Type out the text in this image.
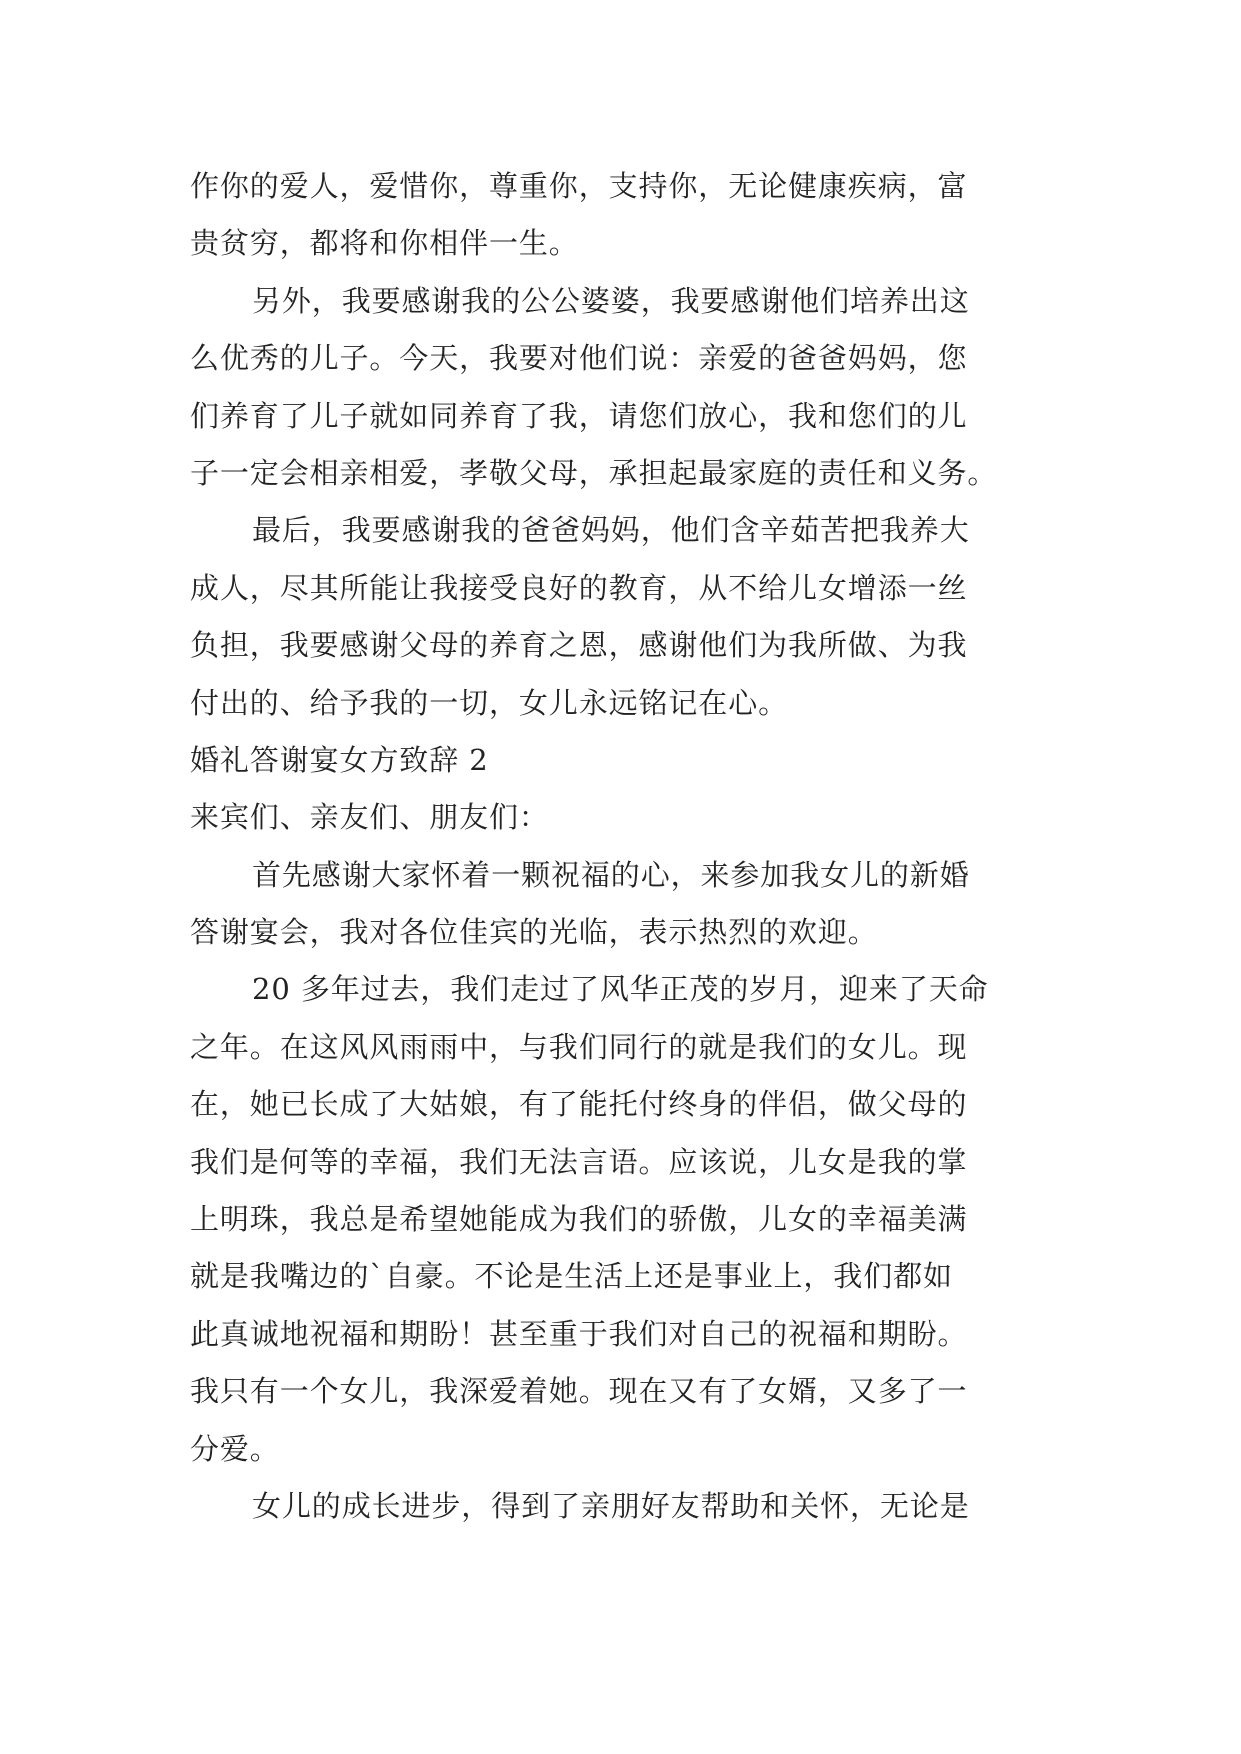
作你的爱人，爱惜你，尊重你，支持你，无论健康疾病，富
贵贫穷，都将和你相伴一生。
另外，我要感谢我的公公婆婆，我要感谢他们培养出这
么优秀的儿子。今天，我要对他们说：亲爱的爸爸妈妈，您
们养育了儿子就如同养育了我，请您们放心，我和您们的儿
子一定会相亲相爱，孝敬父母，承担起最家庭的责任和义务。
最后，我要感谢我的爸爸妈妈，他们含辛茹苦把我养大
成人，尽其所能让我接受良好的教育，从不给儿女增添一丝
负担，我要感谢父母的养育之恩，感谢他们为我所做、为我
付出的、给予我的一切，女儿永远铭记在心。
婚礼答谢宴女方致辞 2
来宾们、亲友们、朋友们：
首先感谢大家怀着一颗祝福的心，来参加我女儿的新婚
答谢宴会，我对各位佳宾的光临，表示热烈的欢迎。
20 多年过去，我们走过了风华正茂的岁月，迎来了天命
之年。在这风风雨雨中，与我们同行的就是我们的女儿。现
在，她已长成了大姑娘，有了能托付终身的伴侣，做父母的
我们是何等的幸福，我们无法言语。应该说，儿女是我的掌
上明珠，我总是希望她能成为我们的骄傲，儿女的幸福美满
就是我嘴边的`自豪。不论是生活上还是事业上，我们都如
此真诚地祝福和期盼！甚至重于我们对自己的祝福和期盼。
我只有一个女儿，我深爱着她。现在又有了女婿，又多了一
分爱。
女儿的成长进步，得到了亲朋好友帮助和关怀，无论是
